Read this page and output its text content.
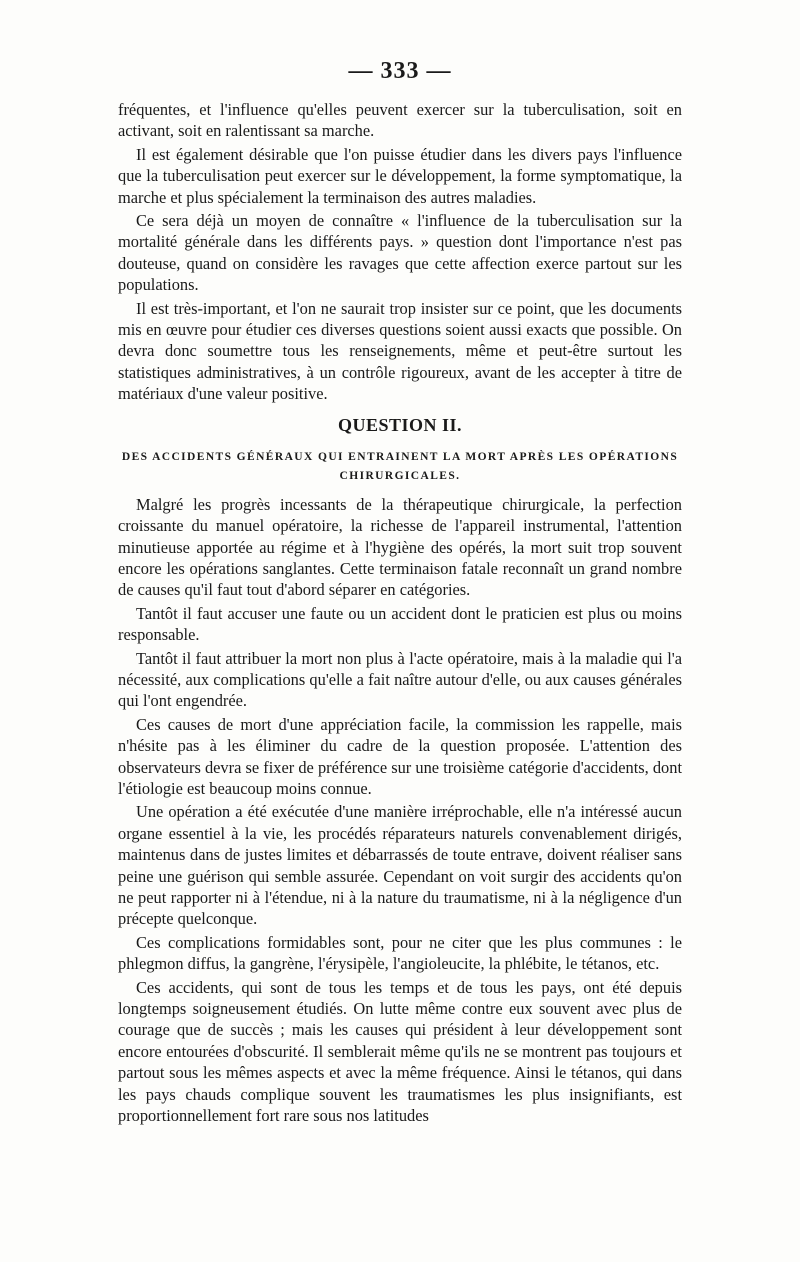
— 333 —

fréquentes, et l'influence qu'elles peuvent exercer sur la tuberculisation, soit en activant, soit en ralentissant sa marche.

Il est également désirable que l'on puisse étudier dans les divers pays l'influence que la tuberculisation peut exercer sur le développement, la forme symptomatique, la marche et plus spécialement la terminaison des autres maladies.

Ce sera déjà un moyen de connaître « l'influence de la tuberculisation sur la mortalité générale dans les différents pays. » question dont l'importance n'est pas douteuse, quand on considère les ravages que cette affection exerce partout sur les populations.

Il est très-important, et l'on ne saurait trop insister sur ce point, que les documents mis en œuvre pour étudier ces diverses questions soient aussi exacts que possible. On devra donc soumettre tous les renseignements, même et peut-être surtout les statistiques administratives, à un contrôle rigoureux, avant de les accepter à titre de matériaux d'une valeur positive.

QUESTION II.
DES ACCIDENTS GÉNÉRAUX QUI ENTRAINENT LA MORT APRÈS LES OPÉRATIONS CHIRURGICALES.

Malgré les progrès incessants de la thérapeutique chirurgicale, la perfection croissante du manuel opératoire, la richesse de l'appareil instrumental, l'attention minutieuse apportée au régime et à l'hygiène des opérés, la mort suit trop souvent encore les opérations sanglantes. Cette terminaison fatale reconnaît un grand nombre de causes qu'il faut tout d'abord séparer en catégories.

Tantôt il faut accuser une faute ou un accident dont le praticien est plus ou moins responsable.

Tantôt il faut attribuer la mort non plus à l'acte opératoire, mais à la maladie qui l'a nécessité, aux complications qu'elle a fait naître autour d'elle, ou aux causes générales qui l'ont engendrée.

Ces causes de mort d'une appréciation facile, la commission les rappelle, mais n'hésite pas à les éliminer du cadre de la question proposée. L'attention des observateurs devra se fixer de préférence sur une troisième catégorie d'accidents, dont l'étiologie est beaucoup moins connue.

Une opération a été exécutée d'une manière irréprochable, elle n'a intéressé aucun organe essentiel à la vie, les procédés réparateurs naturels convenablement dirigés, maintenus dans de justes limites et débarrassés de toute entrave, doivent réaliser sans peine une guérison qui semble assurée. Cependant on voit surgir des accidents qu'on ne peut rapporter ni à l'étendue, ni à la nature du traumatisme, ni à la négligence d'un précepte quelconque.

Ces complications formidables sont, pour ne citer que les plus communes : le phlegmon diffus, la gangrène, l'érysipèle, l'angioleucite, la phlébite, le tétanos, etc.

Ces accidents, qui sont de tous les temps et de tous les pays, ont été depuis longtemps soigneusement étudiés. On lutte même contre eux souvent avec plus de courage que de succès ; mais les causes qui président à leur développement sont encore entourées d'obscurité. Il semblerait même qu'ils ne se montrent pas toujours et partout sous les mêmes aspects et avec la même fréquence. Ainsi le tétanos, qui dans les pays chauds complique souvent les traumatismes les plus insignifiants, est proportionnellement fort rare sous nos latitudes
